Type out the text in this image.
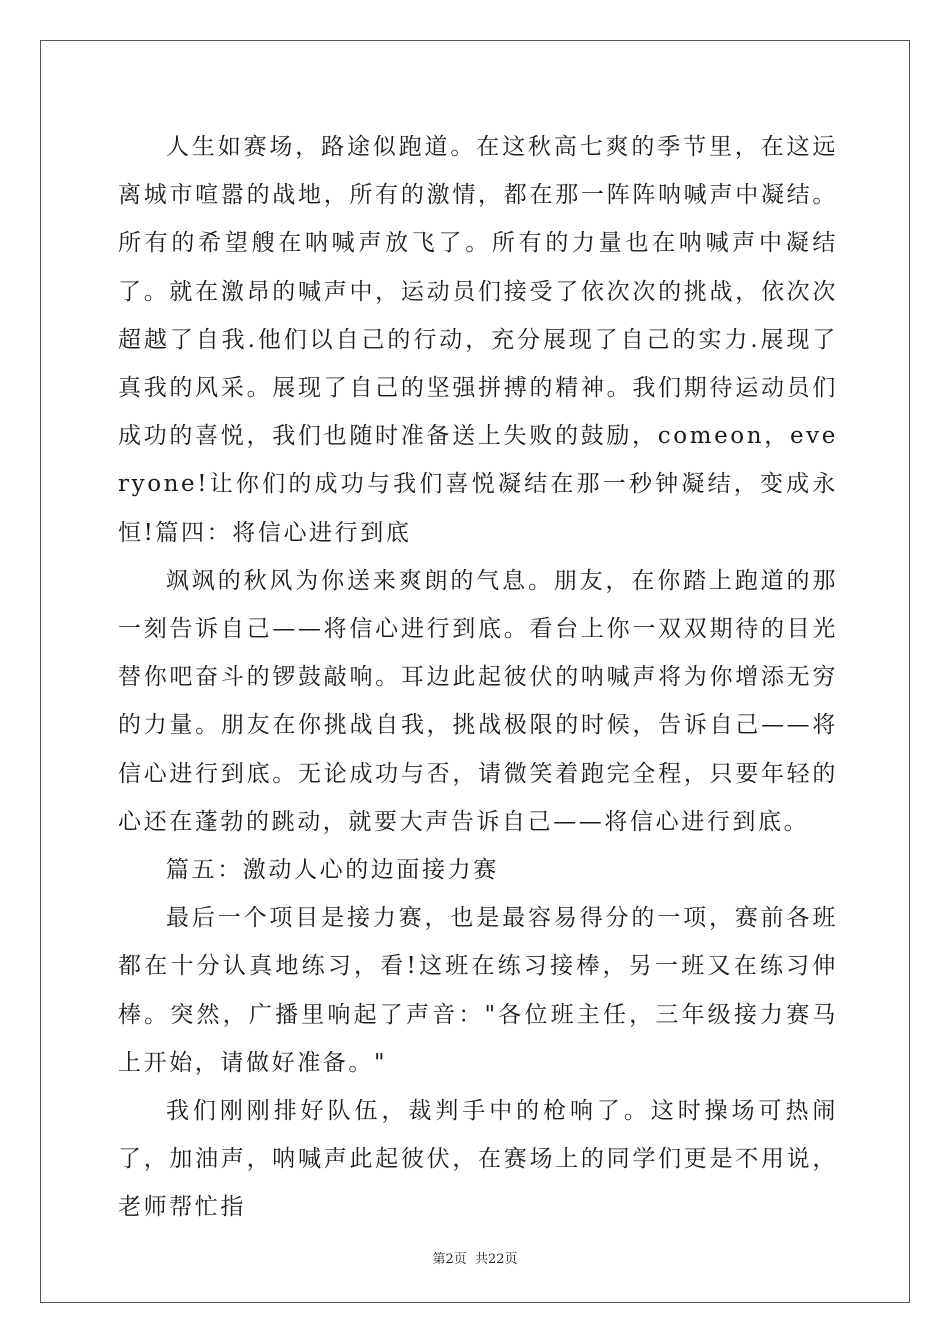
人生如赛场，路途似跑道。在这秋高七爽的季节里，在这远离城市喧嚣的战地，所有的激情，都在那一阵阵呐喊声中凝结。所有的希望艘在呐喊声放飞了。所有的力量也在呐喊声中凝结了。就在激昂的喊声中，运动员们接受了依次次的挑战，依次次超越了自我.他们以自己的行动，充分展现了自己的实力.展现了真我的风采。展现了自己的坚强拼搏的精神。我们期待运动员们成功的喜悦，我们也随时准备送上失败的鼓励，comeon，everyone!让你们的成功与我们喜悦凝结在那一秒钟凝结，变成永恒!篇四：将信心进行到底

飒飒的秋风为你送来爽朗的气息。朋友，在你踏上跑道的那一刻告诉自己——将信心进行到底。看台上你一双双期待的目光替你吧奋斗的锣鼓敲响。耳边此起彼伏的呐喊声将为你增添无穷的力量。朋友在你挑战自我，挑战极限的时候，告诉自己——将信心进行到底。无论成功与否，请微笑着跑完全程，只要年轻的心还在蓬勃的跳动，就要大声告诉自己——将信心进行到底。

篇五：激动人心的边面接力赛

最后一个项目是接力赛，也是最容易得分的一项，赛前各班都在十分认真地练习，看!这班在练习接棒，另一班又在练习伸棒。突然，广播里响起了声音："各位班主任，三年级接力赛马上开始，请做好准备。"

我们刚刚排好队伍，裁判手中的枪响了。这时操场可热闹了，加油声，呐喊声此起彼伏，在赛场上的同学们更是不用说，老师帮忙指

第2页 共22页
